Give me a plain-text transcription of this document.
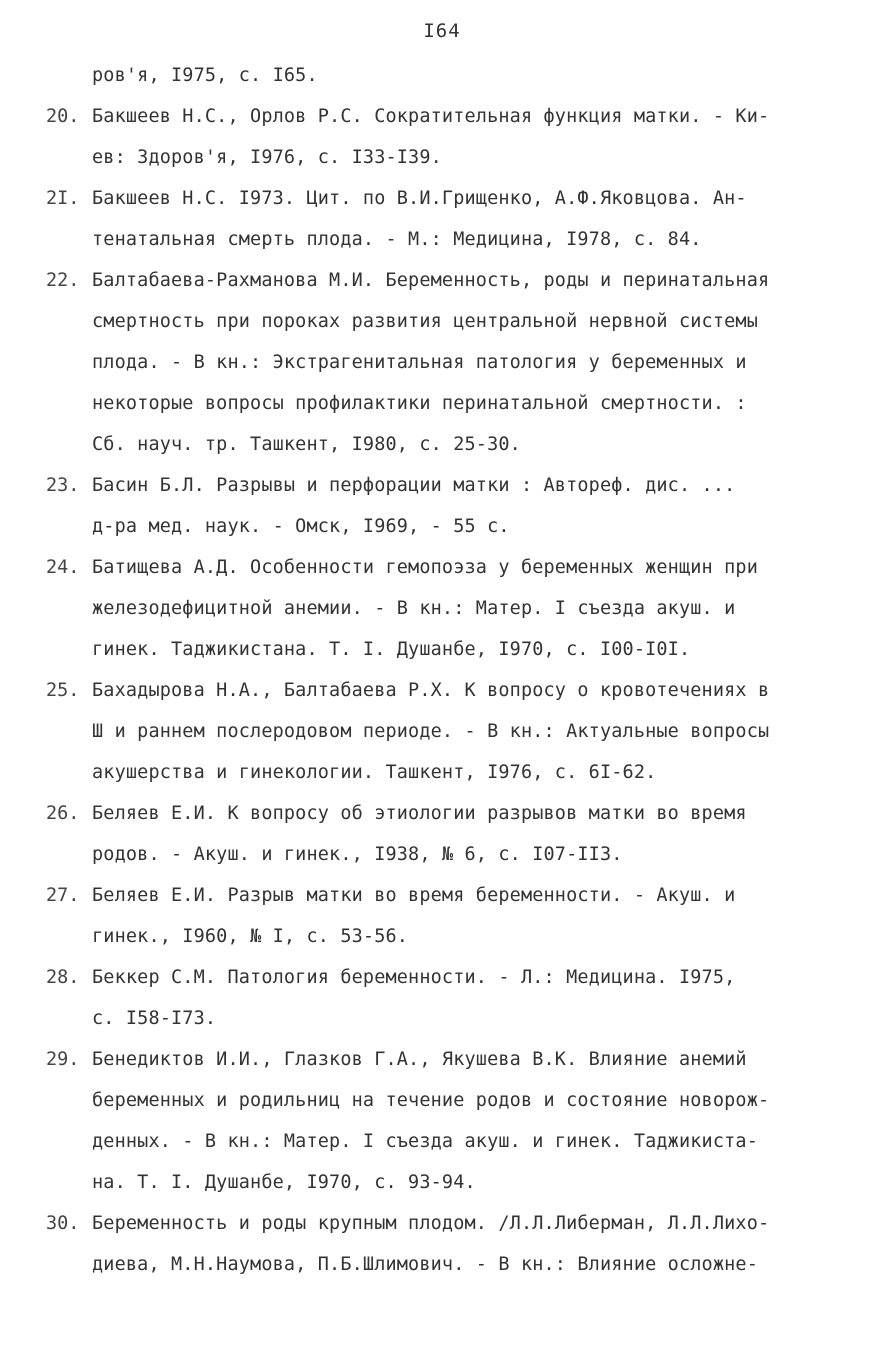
I64
ров'я, I975, с. I65.
20. Бакшеев Н.С., Орлов Р.С. Сократительная функция матки. - Ки-
ев: Здоров'я, I976, с. I33-I39.
2I. Бакшеев Н.С. I973. Цит. по В.И.Грищенко, А.Ф.Яковцова. Ан-
тенатальная смерть плода. - М.: Медицина, I978, с. 84.
22. Балтабаева-Рахманова М.И. Беременность, роды и перинатальная
смертность при пороках развития центральной нервной системы
плода. - В кн.: Экстрагенитальная патология у беременных и
некоторые вопросы профилактики перинатальной смертности. :
Сб. науч. тр. Ташкент, I980, с. 25-30.
23. Басин Б.Л. Разрывы и перфорации матки : Автореф. дис. ...
д-ра мед. наук. - Омск, I969, - 55 с.
24. Батищева А.Д. Особенности гемопоэза у беременных женщин при
железодефицитной анемии. - В кн.: Матер. I съезда акуш. и
гинек. Таджикистана. Т. I. Душанбе, I970, с. I00-I0I.
25. Бахадырова Н.А., Балтабаева Р.Х. К вопросу о кровотечениях в
Ш и раннем послеродовом периоде. - В кн.: Актуальные вопросы
акушерства и гинекологии. Ташкент, I976, с. 6I-62.
26. Беляев Е.И. К вопросу об этиологии разрывов матки во время
родов. - Акуш. и гинек., I938, № 6, с. I07-II3.
27. Беляев Е.И. Разрыв матки во время беременности. - Акуш. и
гинек., I960, № I, с. 53-56.
28. Беккер С.М. Патология беременности. - Л.: Медицина. I975,
с. I58-I73.
29. Бенедиктов И.И., Глазков Г.А., Якушева В.К. Влияние анемий
беременных и родильниц на течение родов и состояние новорож-
денных. - В кн.: Матер. I съезда акуш. и гинек. Таджикиста-
на. Т. I. Душанбе, I970, с. 93-94.
30. Беременность и роды крупным плодом. /Л.Л.Либерман, Л.Л.Лихо-
диева, М.Н.Наумова, П.Б.Шлимович. - В кн.: Влияние осложне-
